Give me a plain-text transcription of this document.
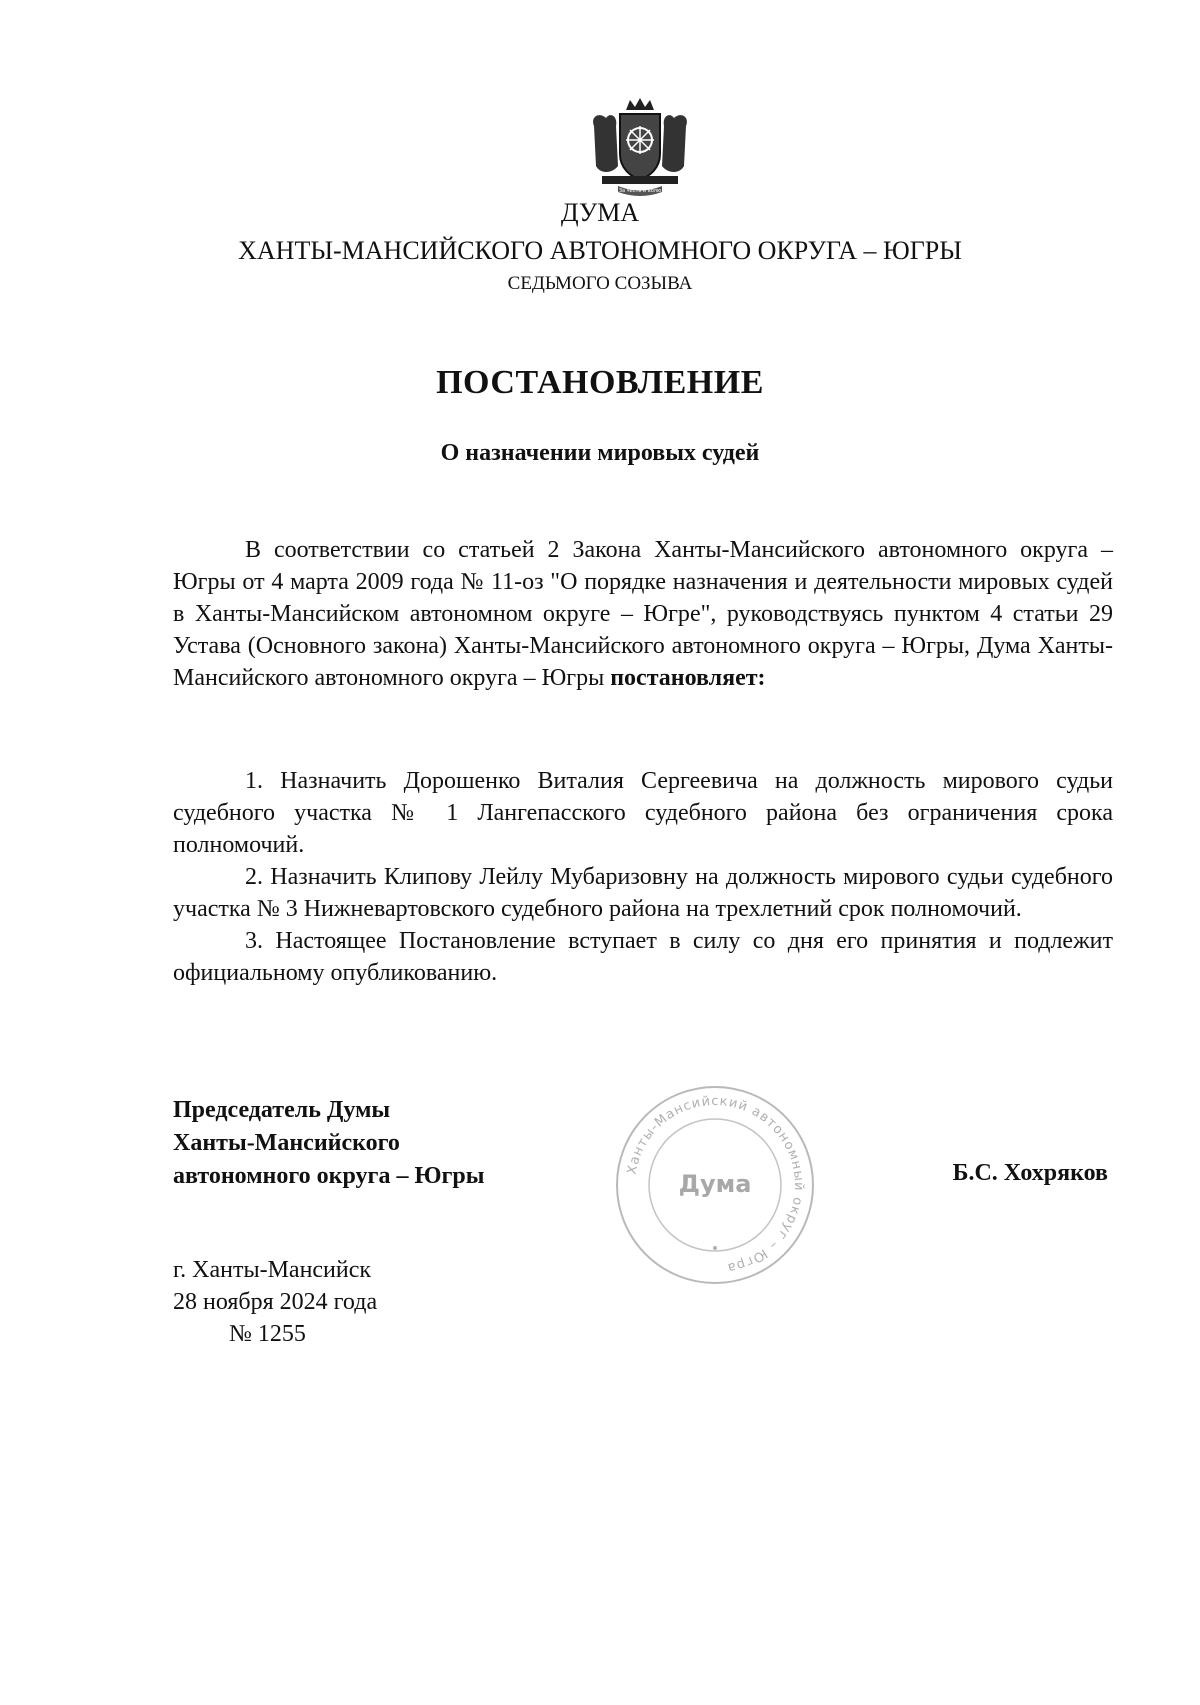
За честь и волю
ДУМА
ХАНТЫ-МАНСИЙСКОГО АВТОНОМНОГО ОКРУГА – ЮГРЫ
СЕДЬМОГО СОЗЫВА
ПОСТАНОВЛЕНИЕ
О назначении мировых судей

В соответствии со статьей 2 Закона Ханты-Мансийского автономного округа – Югры от 4 марта 2009 года № 11-оз "О порядке назначения и деятельности мировых судей в Ханты-Мансийском автономном округе – Югре", руководствуясь пунктом 4 статьи 29 Устава (Основного закона) Ханты-Мансийского автономного округа – Югры, Дума Ханты-Мансийского автономного округа – Югры постановляет:

1. Назначить Дорошенко Виталия Сергеевича на должность мирового судьи судебного участка № 1 Лангепасского судебного района без ограничения срока полномочий.

2. Назначить Клипову Лейлу Мубаризовну на должность мирового судьи судебного участка № 3 Нижневартовского судебного района на трехлетний срок полномочий.

3. Настоящее Постановление вступает в силу со дня его принятия и подлежит официальному опубликованию.

Председатель Думы
Ханты-Мансийского
автономного округа – Югры	Ханты-Мансийский автономный округ – Югра
Дума	Б.С. Хохряков
г. Ханты-Мансийск
28 ноября 2024 года
№ 1255
